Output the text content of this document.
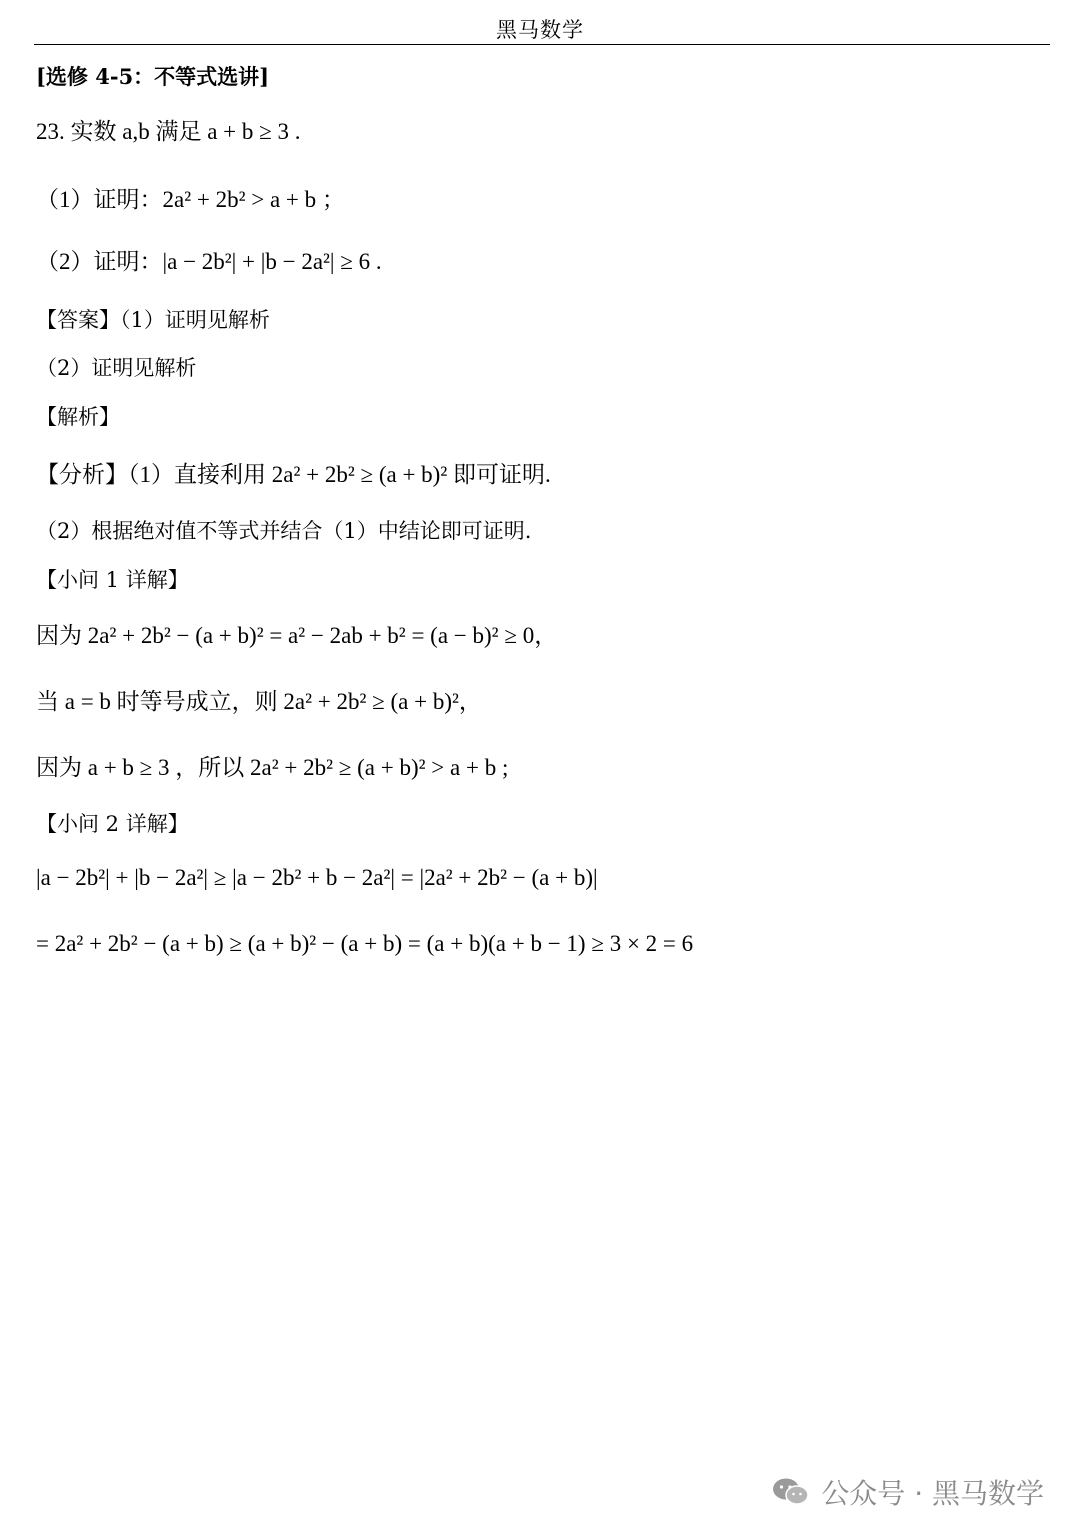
黑马数学
[选修 4-5：不等式选讲]
23. 实数 a,b 满足 a + b ≥ 3 .
（1）证明：2a² + 2b² > a + b ；
（2）证明：|a − 2b²| + |b − 2a²| ≥ 6 .
【答案】（1）证明见解析
（2）证明见解析
【解析】
【分析】（1）直接利用 2a² + 2b² ≥ (a + b)² 即可证明.
（2）根据绝对值不等式并结合（1）中结论即可证明.
【小问 1 详解】
因为 2a² + 2b² − (a + b)² = a² − 2ab + b² = (a − b)² ≥ 0，
当 a = b 时等号成立，则 2a² + 2b² ≥ (a + b)²，
因为 a + b ≥ 3 ，所以 2a² + 2b² ≥ (a + b)² > a + b ;
【小问 2 详解】
|a − 2b²| + |b − 2a²| ≥ |a − 2b² + b − 2a²| = |2a² + 2b² − (a + b)|
= 2a² + 2b² − (a + b) ≥ (a + b)² − (a + b) = (a + b)(a + b − 1) ≥ 3 × 2 = 6
公众号 · 黑马数学
